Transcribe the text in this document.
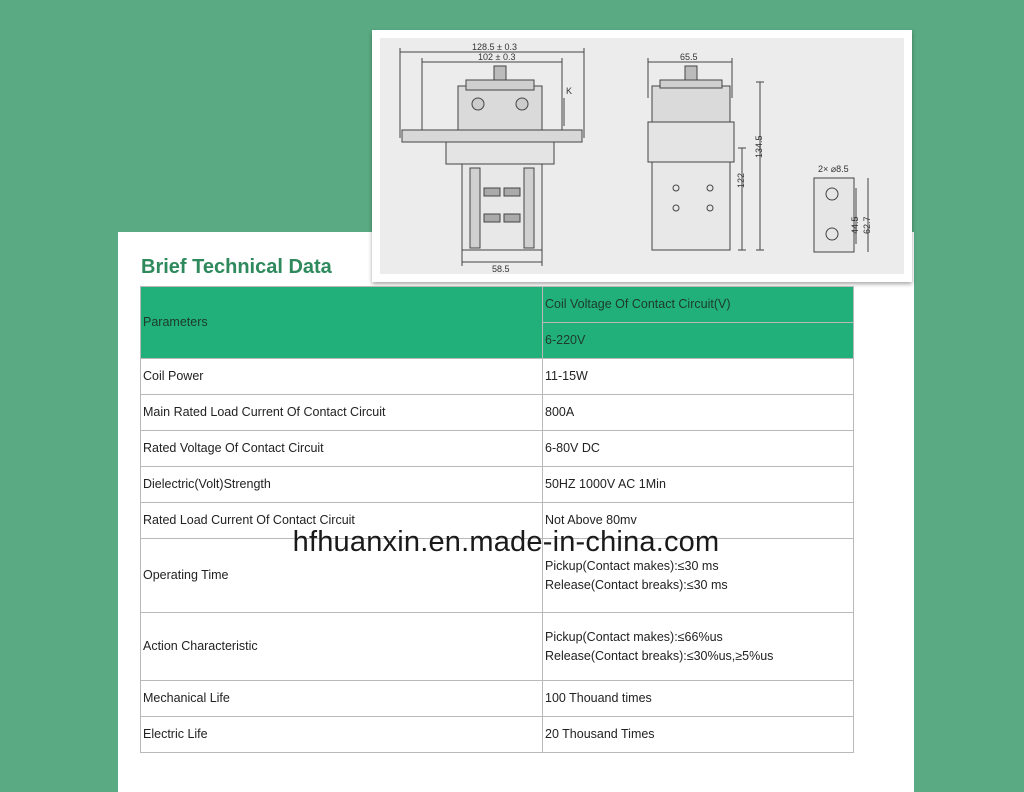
Brief Technical Data
128.5 ± 0.3
102 ± 0.3
58.5
65.5
K
122
134.5
2× ⌀8.5
44.5 62.7
Parameters	Coil Voltage Of Contact Circuit(V)
	6-220V
Coil Power	11-15W

Main Rated Load Current Of Contact Circuit	800A

Rated Voltage Of Contact Circuit	6-80V DC

Dielectric(Volt)Strength	50HZ 1000V AC 1Min

Rated Load Current Of Contact Circuit	Not Above 80mv

Operating Time	Pickup(Contact makes):≤30 ms
Release(Contact breaks):≤30 ms

Action Characteristic	Pickup(Contact makes):≤66%us
Release(Contact breaks):≤30%us,≥5%us

Mechanical Life	100 Thouand times

Electric Life	20 Thousand Times
hfhuanxin.en.made-in-china.com
